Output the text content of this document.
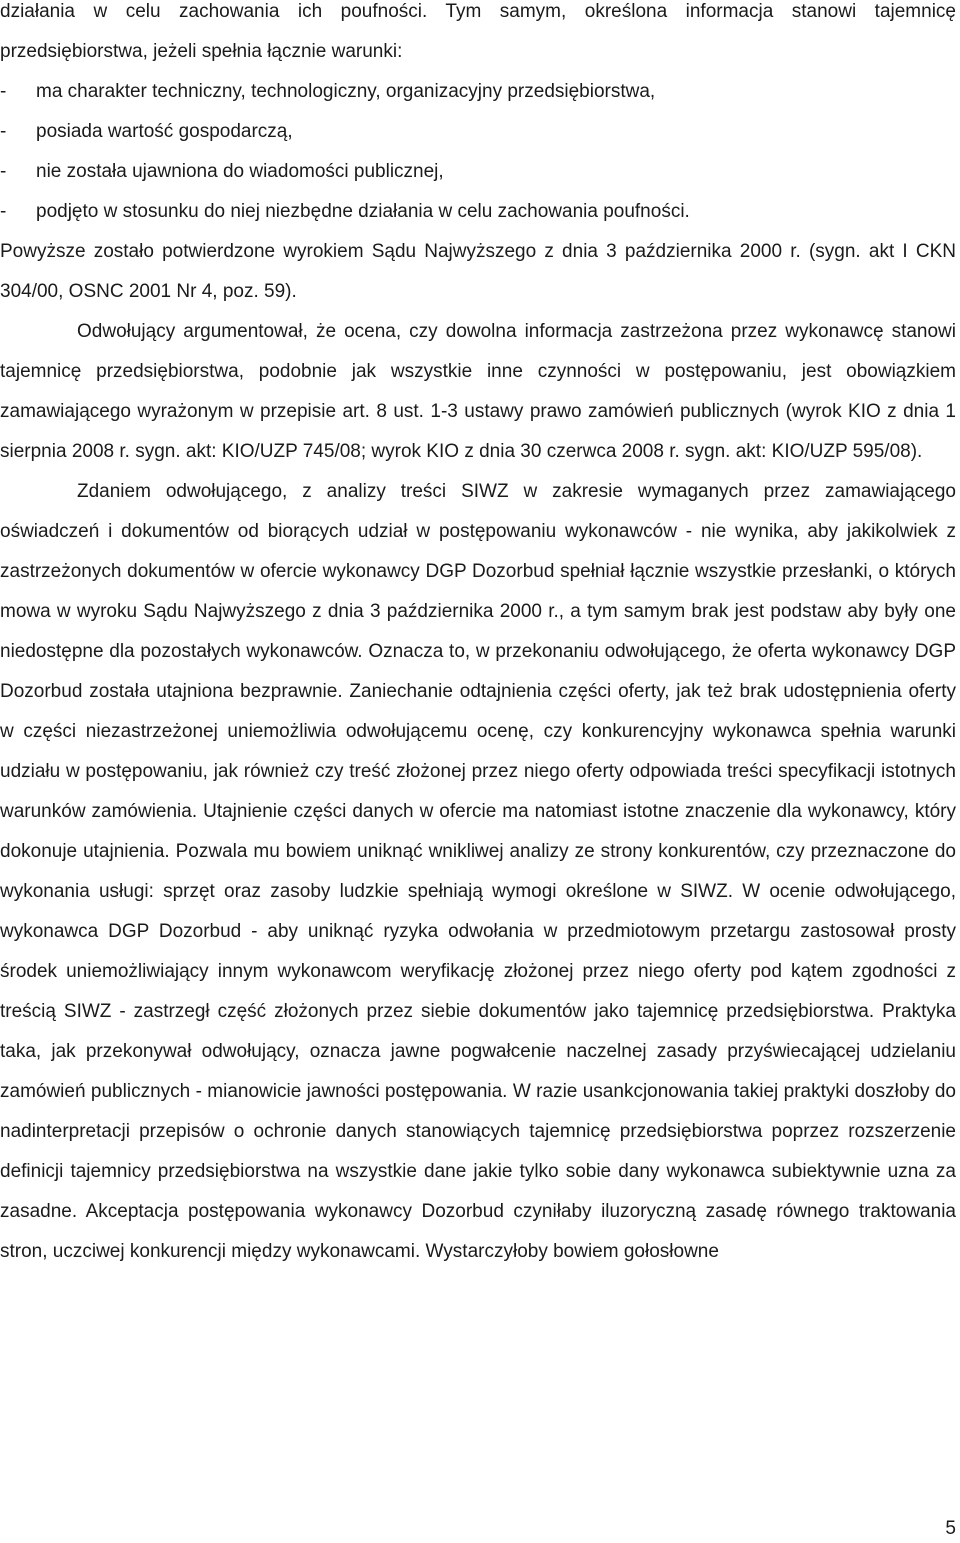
działania w celu zachowania ich poufności. Tym samym, określona informacja stanowi tajemnicę przedsiębiorstwa, jeżeli spełnia łącznie warunki:

- ma charakter techniczny, technologiczny, organizacyjny przedsiębiorstwa,
- posiada wartość gospodarczą,
- nie została ujawniona do wiadomości publicznej,
- podjęto w stosunku do niej niezbędne działania w celu zachowania poufności.

Powyższe zostało potwierdzone wyrokiem Sądu Najwyższego z dnia 3 października 2000 r. (sygn. akt I CKN 304/00, OSNC 2001 Nr 4, poz. 59).

Odwołujący argumentował, że ocena, czy dowolna informacja zastrzeżona przez wykonawcę stanowi tajemnicę przedsiębiorstwa, podobnie jak wszystkie inne czynności w postępowaniu, jest obowiązkiem zamawiającego wyrażonym w przepisie art. 8 ust. 1-3 ustawy prawo zamówień publicznych (wyrok KIO z dnia 1 sierpnia 2008 r. sygn. akt: KIO/UZP 745/08; wyrok KIO z dnia 30 czerwca 2008 r. sygn. akt: KIO/UZP 595/08).

Zdaniem odwołującego, z analizy treści SIWZ w zakresie wymaganych przez zamawiającego oświadczeń i dokumentów od biorących udział w postępowaniu wykonawców - nie wynika, aby jakikolwiek z zastrzeżonych dokumentów w ofercie wykonawcy DGP Dozorbud spełniał łącznie wszystkie przesłanki, o których mowa w wyroku Sądu Najwyższego z dnia 3 października 2000 r., a tym samym brak jest podstaw aby były one niedostępne dla pozostałych wykonawców. Oznacza to, w przekonaniu odwołującego, że oferta wykonawcy DGP Dozorbud została utajniona bezprawnie. Zaniechanie odtajnienia części oferty, jak też brak udostępnienia oferty w części niezastrzeżonej uniemożliwia odwołującemu ocenę, czy konkurencyjny wykonawca spełnia warunki udziału w postępowaniu, jak również czy treść złożonej przez niego oferty odpowiada treści specyfikacji istotnych warunków zamówienia. Utajnienie części danych w ofercie ma natomiast istotne znaczenie dla wykonawcy, który dokonuje utajnienia. Pozwala mu bowiem uniknąć wnikliwej analizy ze strony konkurentów, czy przeznaczone do wykonania usługi: sprzęt oraz zasoby ludzkie spełniają wymogi określone w SIWZ. W ocenie odwołującego, wykonawca DGP Dozorbud - aby uniknąć ryzyka odwołania w przedmiotowym przetargu zastosował prosty środek uniemożliwiający innym wykonawcom weryfikację złożonej przez niego oferty pod kątem zgodności z treścią SIWZ - zastrzegł część złożonych przez siebie dokumentów jako tajemnicę przedsiębiorstwa. Praktyka taka, jak przekonywał odwołujący, oznacza jawne pogwałcenie naczelnej zasady przyświecającej udzielaniu zamówień publicznych - mianowicie jawności postępowania. W razie usankcjonowania takiej praktyki doszłoby do nadinterpretacji przepisów o ochronie danych stanowiących tajemnicę przedsiębiorstwa poprzez rozszerzenie definicji tajemnicy przedsiębiorstwa na wszystkie dane jakie tylko sobie dany wykonawca subiektywnie uzna za zasadne. Akceptacja postępowania wykonawcy Dozorbud czyniłaby iluzoryczną zasadę równego traktowania stron, uczciwej konkurencji między wykonawcami. Wystarczyłoby bowiem gołosłowne

5
